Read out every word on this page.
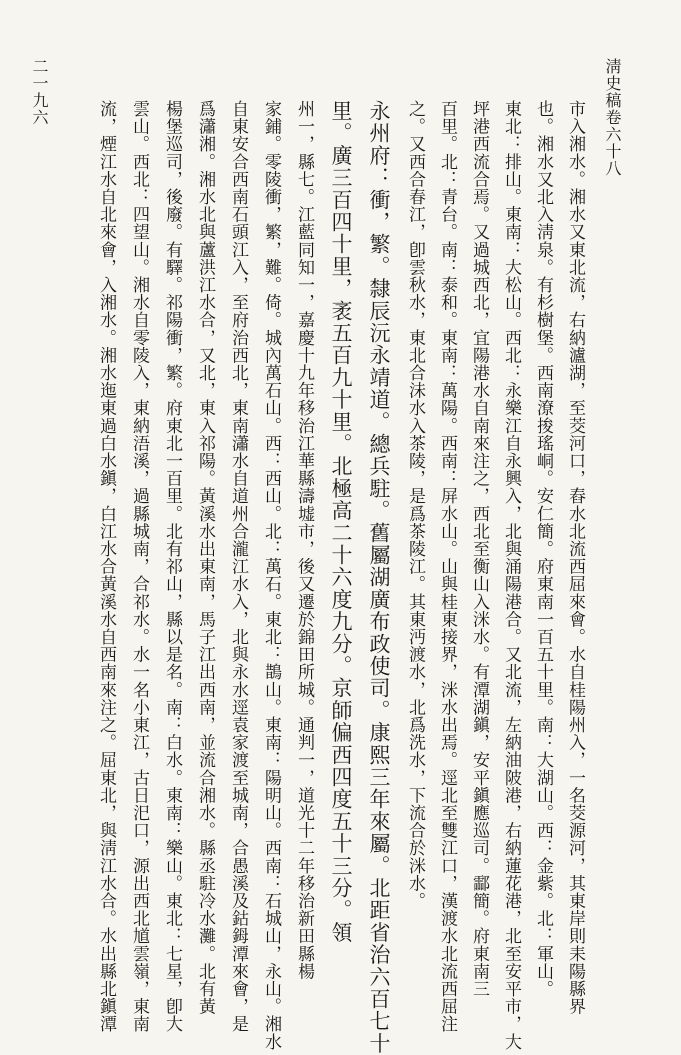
淸史稿卷六十八
二一九六
市入湘水。湘水又東北流，右納瀘湖，至茭河口，舂水北流西屈來會。水自桂陽州入，一名茭源河，其東岸則耒陽縣界
也。湘水又北入淸泉。有杉樹堡。西南潦捘瑤峒。安仁簡。府東南一百五十里。南：大湖山。西：金紫。北：軍山。
東北：排山。東南：大松山。西北：永樂江自永興入，北與涌陽港合。又北流，左納油陂港，右納蓮花港，北至安平市，大
坪港西流合焉。又過城西北，宜陽港水自南來注之，西北至衡山入洣水。有潭湖鎭，安平鎭應巡司。酃簡。府東南三
百里。北：青台。南：泰和。東南：萬陽。西南：屏水山。山與桂東接界，洣水出焉。逕北至雙江口，漢渡水北流西屈注
之。又西合春江，卽雲秋水，東北合沬水入茶陵，是爲茶陵江。其東沔渡水，北爲洗水，下流合於洣水。
永州府：衝，繁。隸辰沅永靖道。總兵駐。舊屬湖廣布政使司。康熙三年來屬。北距省治六百七十
里。廣三百四十里，袤五百九十里。北極高二十六度九分。京師偏西四度五十三分。領
州一，縣七。江藍同知一，嘉慶十九年移治江華縣濤墟市，後又遷於錦田所城。通判一，道光十二年移治新田縣楊
家鋪。零陵衝，繁，難。倚。城內萬石山。西：西山。北：萬石。東北：鵲山。東南：陽明山。西南：石城山，永山。湘水
自東安合西南石頭江入，至府治西北，東南瀟水自道州合瀧江水入，北與永水逕袁家渡至城南，合愚溪及鈷鉧潭來會，是
爲瀟湘。湘水北與蘆洪江水合，又北，東入祁陽。黃溪水出東南，馬子江出西南，並流合湘水。縣丞駐冷水灘。北有黃
楊堡巡司，後廢。有驛。祁陽衝，繁。府東北一百里。北有祁山，縣以是名。南：白水。東南：樂山。東北：七星，卽大
雲山。西北：四望山。湘水自零陵入，東納浯溪，過縣城南，合祁水。水一名小東江，古日汜口，源出西北馗雲嶺，東南
流，煙江水自北來會，入湘水。湘水迤東過白水鎭，白江水合黃溪水自西南來注之。屈東北，與淸江水合。水出縣北鎭潭
